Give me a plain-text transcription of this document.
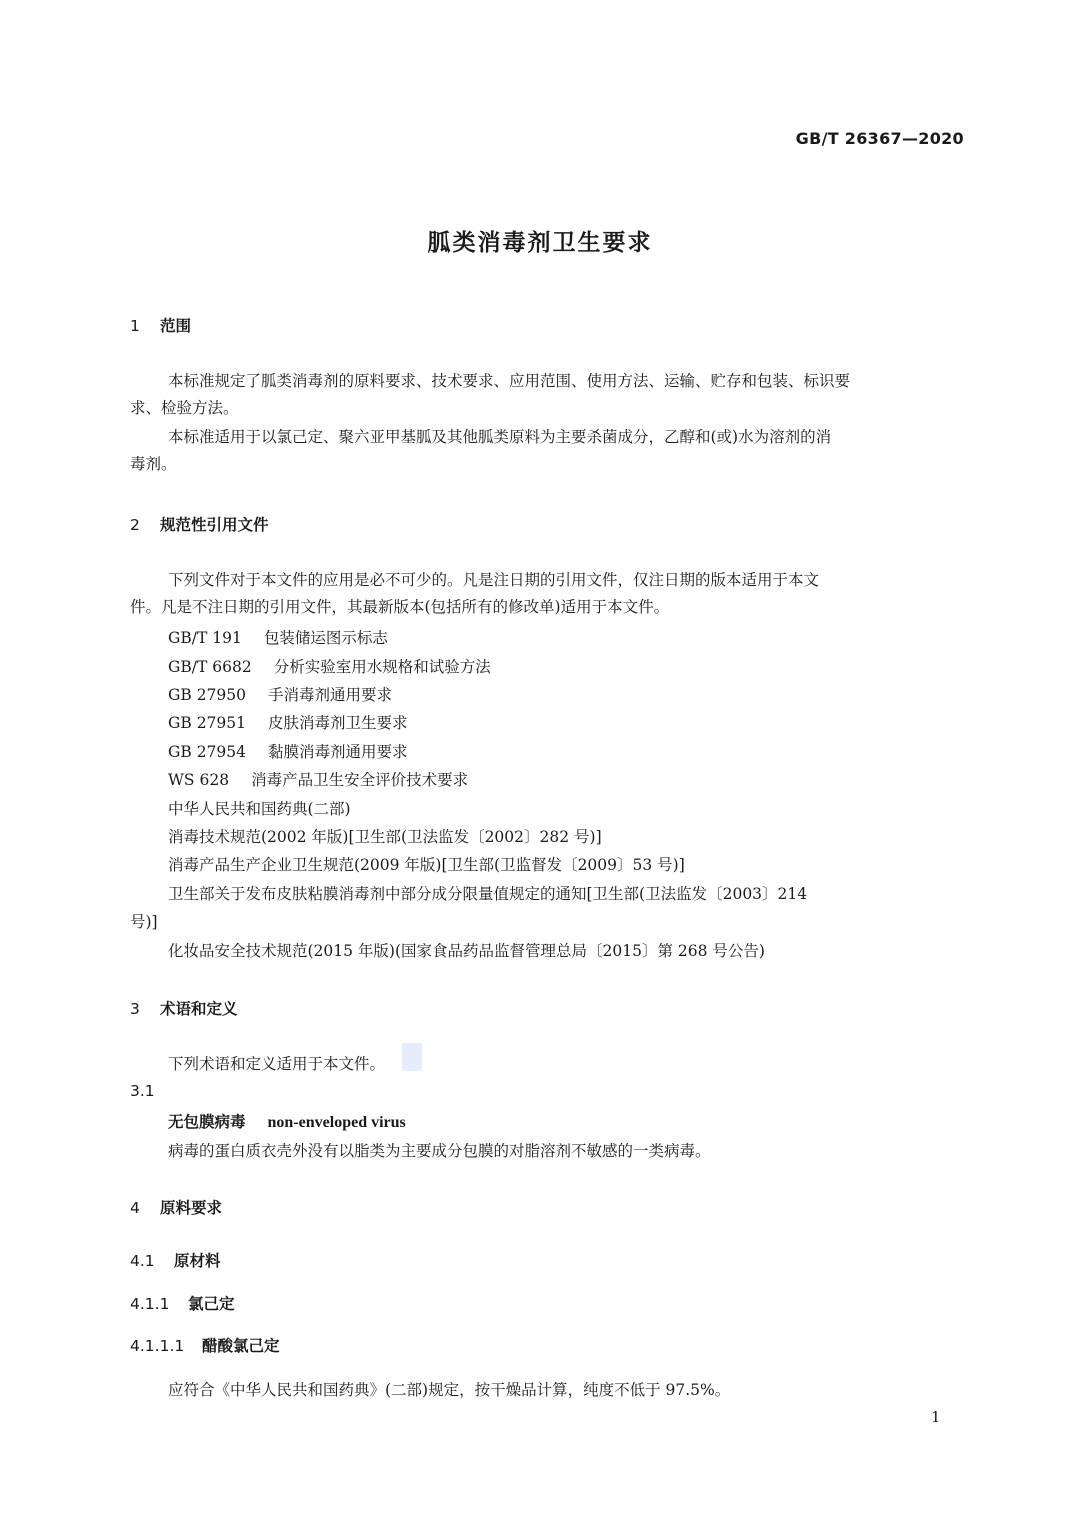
GB/T 26367—2020
胍类消毒剂卫生要求
1 范围
本标准规定了胍类消毒剂的原料要求、技术要求、应用范围、使用方法、运输、贮存和包装、标识要
求、检验方法。
本标准适用于以氯己定、聚六亚甲基胍及其他胍类原料为主要杀菌成分，乙醇和(或)水为溶剂的消
毒剂。
2 规范性引用文件
下列文件对于本文件的应用是必不可少的。凡是注日期的引用文件，仅注日期的版本适用于本文
件。凡是不注日期的引用文件，其最新版本(包括所有的修改单)适用于本文件。
GB/T 191 包装储运图示标志
GB/T 6682 分析实验室用水规格和试验方法
GB 27950 手消毒剂通用要求
GB 27951 皮肤消毒剂卫生要求
GB 27954 黏膜消毒剂通用要求
WS 628 消毒产品卫生安全评价技术要求
中华人民共和国药典(二部)
消毒技术规范(2002 年版)[卫生部(卫法监发〔2002〕282 号)]
消毒产品生产企业卫生规范(2009 年版)[卫生部(卫监督发〔2009〕53 号)]
卫生部关于发布皮肤粘膜消毒剂中部分成分限量值规定的通知[卫生部(卫法监发〔2003〕214
号)]
化妆品安全技术规范(2015 年版)(国家食品药品监督管理总局〔2015〕第 268 号公告)
3 术语和定义
下列术语和定义适用于本文件。
3.1
无包膜病毒 non-enveloped virus
病毒的蛋白质衣壳外没有以脂类为主要成分包膜的对脂溶剂不敏感的一类病毒。
4 原料要求
4.1 原材料
4.1.1 氯己定
4.1.1.1 醋酸氯己定
应符合《中华人民共和国药典》(二部)规定，按干燥品计算，纯度不低于 97.5%。
1
